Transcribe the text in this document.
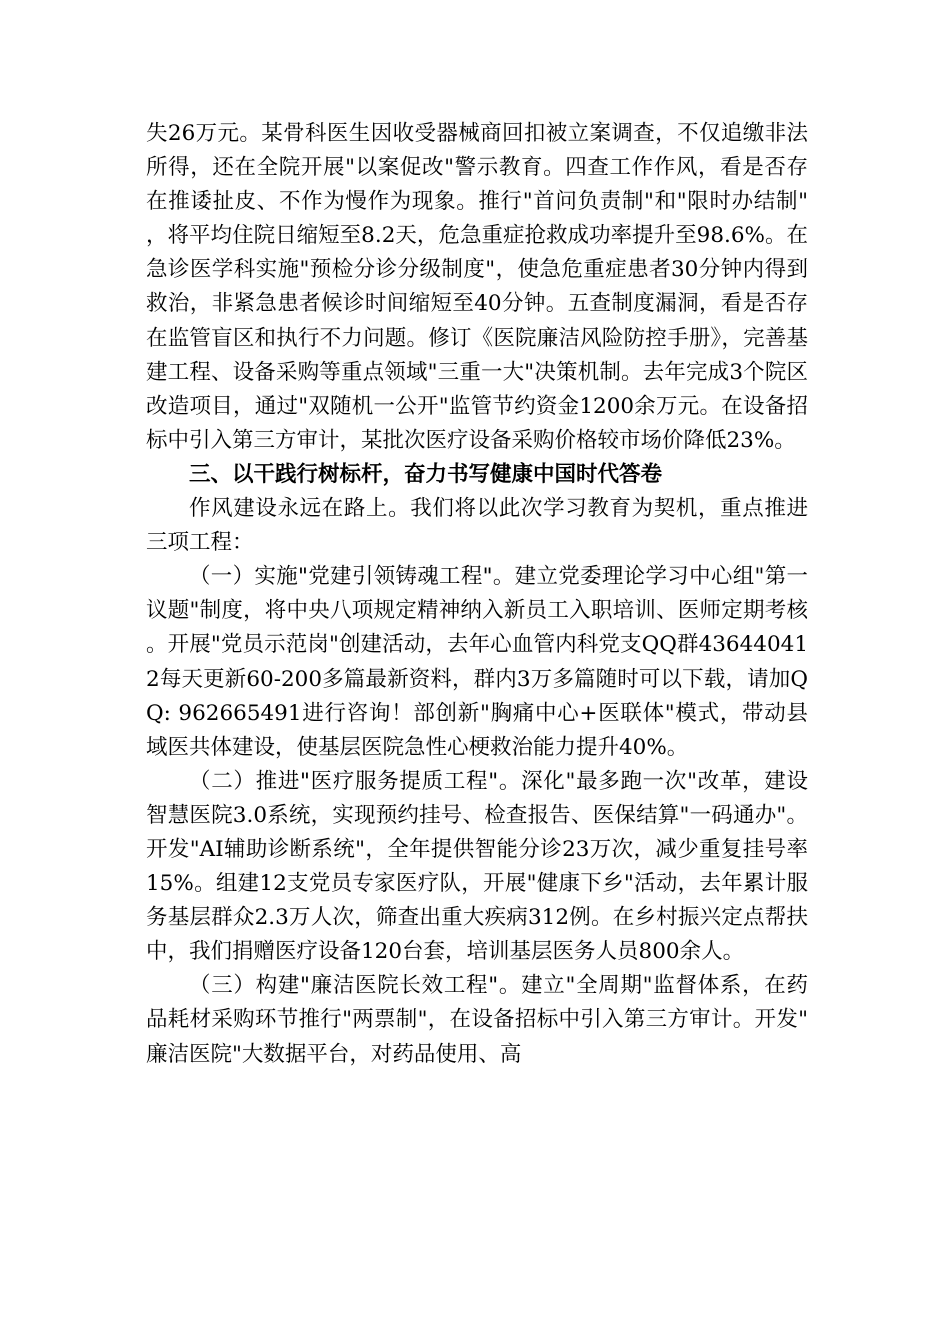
失26万元。某骨科医生因收受器械商回扣被立案调查，不仅追缴非法所得，还在全院开展"以案促改"警示教育。四查工作作风，看是否存在推诿扯皮、不作为慢作为现象。推行"首问负责制"和"限时办结制"，将平均住院日缩短至8.2天，危急重症抢救成功率提升至98.6%。在急诊医学科实施"预检分诊分级制度"，使急危重症患者30分钟内得到救治，非紧急患者候诊时间缩短至40分钟。五查制度漏洞，看是否存在监管盲区和执行不力问题。修订《医院廉洁风险防控手册》，完善基建工程、设备采购等重点领域"三重一大"决策机制。去年完成3个院区改造项目，通过"双随机一公开"监管节约资金1200余万元。在设备招标中引入第三方审计，某批次医疗设备采购价格较市场价降低23%。

三、以干践行树标杆，奋力书写健康中国时代答卷

作风建设永远在路上。我们将以此次学习教育为契机，重点推进三项工程：

（一）实施"党建引领铸魂工程"。建立党委理论学习中心组"第一议题"制度，将中央八项规定精神纳入新员工入职培训、医师定期考核。开展"党员示范岗"创建活动，去年心血管内科党支QQ群436440412每天更新60-200多篇最新资料，群内3万多篇随时可以下载，请加QQ: 962665491进行咨询！部创新"胸痛中心+医联体"模式，带动县域医共体建设，使基层医院急性心梗救治能力提升40%。

（二）推进"医疗服务提质工程"。深化"最多跑一次"改革，建设智慧医院3.0系统，实现预约挂号、检查报告、医保结算"一码通办"。开发"AI辅助诊断系统"，全年提供智能分诊23万次，减少重复挂号率15%。组建12支党员专家医疗队，开展"健康下乡"活动，去年累计服务基层群众2.3万人次，筛查出重大疾病312例。在乡村振兴定点帮扶中，我们捐赠医疗设备120台套，培训基层医务人员800余人。

（三）构建"廉洁医院长效工程"。建立"全周期"监督体系，在药品耗材采购环节推行"两票制"，在设备招标中引入第三方审计。开发"廉洁医院"大数据平台，对药品使用、高
